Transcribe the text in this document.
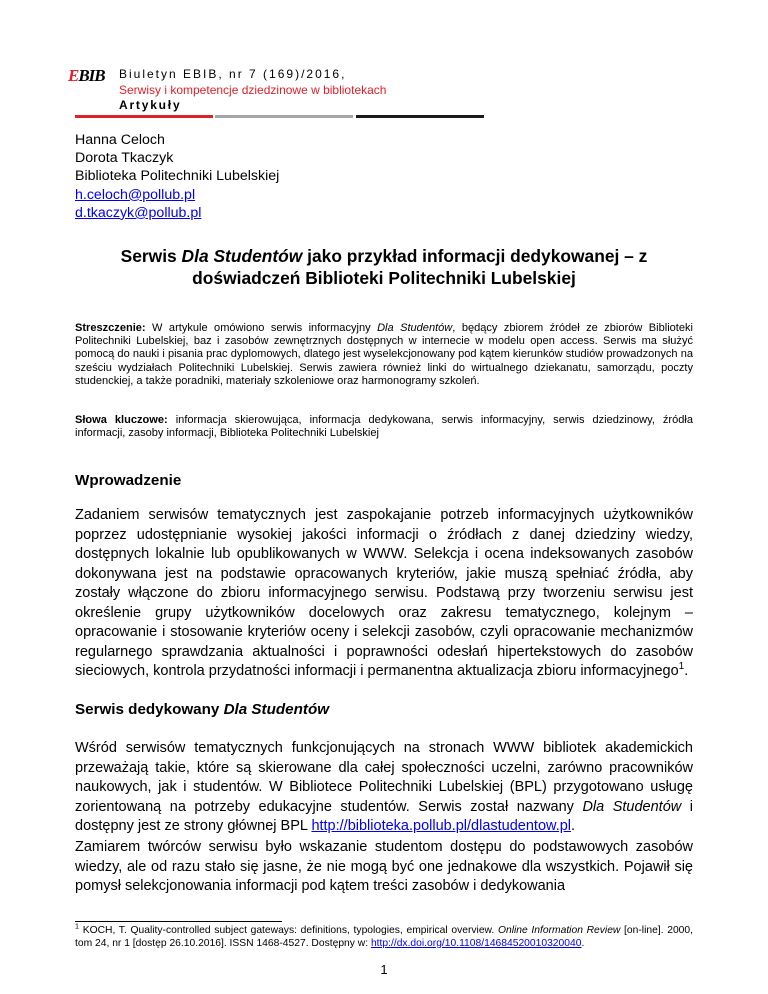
EBIB Biuletyn EBIB, nr 7 (169)/2016,
Serwisy i kompetencje dziedzinowe w bibliotekach
Artykuły
Hanna Celoch
Dorota Tkaczyk
Biblioteka Politechniki Lubelskiej
h.celoch@pollub.pl
d.tkaczyk@pollub.pl
Serwis Dla Studentów jako przykład informacji dedykowanej – z doświadczeń Biblioteki Politechniki Lubelskiej
Streszczenie: W artykule omówiono serwis informacyjny Dla Studentów, będący zbiorem źródeł ze zbiorów Biblioteki Politechniki Lubelskiej, baz i zasobów zewnętrznych dostępnych w internecie w modelu open access. Serwis ma służyć pomocą do nauki i pisania prac dyplomowych, dlatego jest wyselekcjonowany pod kątem kierunków studiów prowadzonych na sześciu wydziałach Politechniki Lubelskiej. Serwis zawiera również linki do wirtualnego dziekanatu, samorządu, poczty studenckiej, a także poradniki, materiały szkoleniowe oraz harmonogramy szkoleń.
Słowa kluczowe: informacja skierowująca, informacja dedykowana, serwis informacyjny, serwis dziedzinowy, źródła informacji, zasoby informacji, Biblioteka Politechniki Lubelskiej
Wprowadzenie
Zadaniem serwisów tematycznych jest zaspokajanie potrzeb informacyjnych użytkowników poprzez udostępnianie wysokiej jakości informacji o źródłach z danej dziedziny wiedzy, dostępnych lokalnie lub opublikowanych w WWW. Selekcja i ocena indeksowanych zasobów dokonywana jest na podstawie opracowanych kryteriów, jakie muszą spełniać źródła, aby zostały włączone do zbioru informacyjnego serwisu. Podstawą przy tworzeniu serwisu jest określenie grupy użytkowników docelowych oraz zakresu tematycznego, kolejnym – opracowanie i stosowanie kryteriów oceny i selekcji zasobów, czyli opracowanie mechanizmów regularnego sprawdzania aktualności i poprawności odesłań hipertekstowych do zasobów sieciowych, kontrola przydatności informacji i permanentna aktualizacja zbioru informacyjnego$^1$.
Serwis dedykowany Dla Studentów
Wśród serwisów tematycznych funkcjonujących na stronach WWW bibliotek akademickich przeważają takie, które są skierowane dla całej społeczności uczelni, zarówno pracowników naukowych, jak i studentów. W Bibliotece Politechniki Lubelskiej (BPL) przygotowano usługę zorientowaną na potrzeby edukacyjne studentów. Serwis został nazwany Dla Studentów i dostępny jest ze strony głównej BPL http://biblioteka.pollub.pl/dlastudentow.pl.
Zamiarem twórców serwisu było wskazanie studentom dostępu do podstawowych zasobów wiedzy, ale od razu stało się jasne, że nie mogą być one jednakowe dla wszystkich. Pojawił się pomysł selekcjonowania informacji pod kątem treści zasobów i dedykowania
$^1$ KOCH, T. Quality-controlled subject gateways: definitions, typologies, empirical overview. Online Information Review [on-line]. 2000, tom 24, nr 1 [dostęp 26.10.2016]. ISSN 1468-4527. Dostępny w: http://dx.doi.org/10.1108/14684520010320040.
1
